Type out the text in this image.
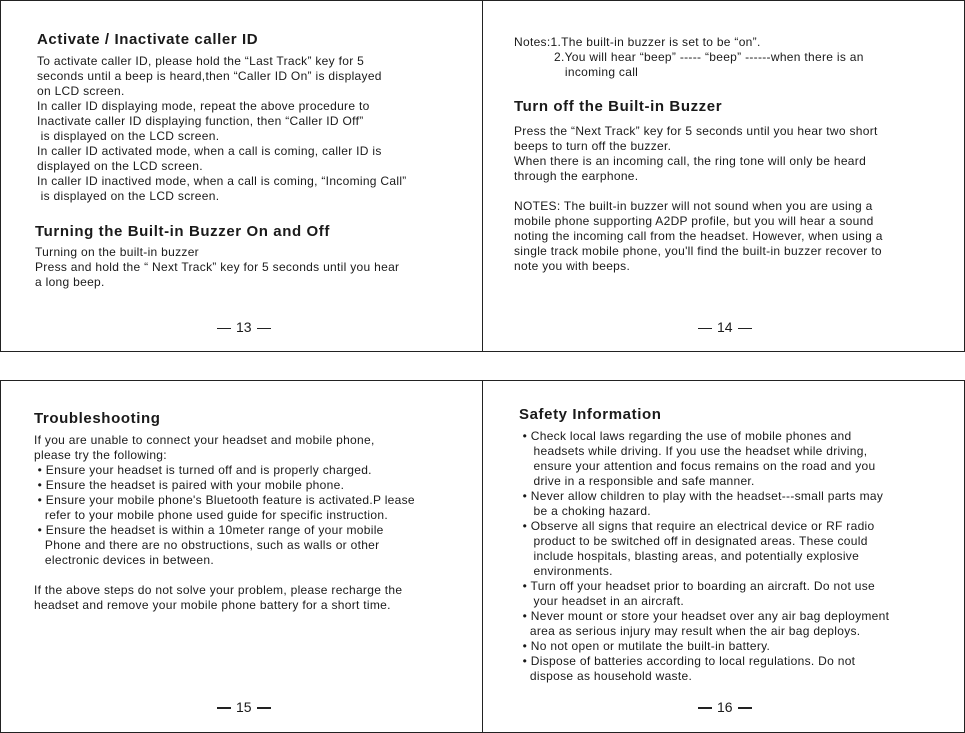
Activate / Inactivate caller ID
To activate caller ID, please hold the “Last Track” key for 5
seconds until a beep is heard,then “Caller ID On” is displayed
on LCD screen.
In caller ID displaying mode, repeat the above procedure to
Inactivate caller ID displaying function, then “Caller ID Off”
is displayed on the LCD screen.
In caller ID activated mode, when a call is coming, caller ID is
displayed on the LCD screen.
In caller ID inactived mode, when a call is coming, “Incoming Call”
is displayed on the LCD screen.
Turning the Built-in Buzzer On and Off
Turning on the built-in buzzer
Press and hold the “ Next Track” key for 5 seconds until you hear
a long beep.
13
Notes:1.The built-in buzzer is set to be “on”.
2.You will hear “beep” ----- “beep” ------when there is an
incoming call
Turn off the Built-in Buzzer
Press the “Next Track” key for 5 seconds until you hear two short
beeps to turn off the buzzer.
When there is an incoming call, the ring tone will only be heard
through the earphone.

NOTES: The built-in buzzer will not sound when you are using a
mobile phone supporting A2DP profile, but you will hear a sound
noting the incoming call from the headset. However, when using a
single track mobile phone, you'll find the built-in buzzer recover to
note you with beeps.
14
Troubleshooting
If you are unable to connect your headset and mobile phone,
please try the following:
• Ensure your headset is turned off and is properly charged.
• Ensure the headset is paired with your mobile phone.
• Ensure your mobile phone's Bluetooth feature is activated.P lease
refer to your mobile phone used guide for specific instruction.
• Ensure the headset is within a 10meter range of your mobile
Phone and there are no obstructions, such as walls or other
electronic devices in between.

If the above steps do not solve your problem, please recharge the
headset and remove your mobile phone battery for a short time.
15
Safety Information
• Check local laws regarding the use of mobile phones and
headsets while driving. If you use the headset while driving,
ensure your attention and focus remains on the road and you
drive in a responsible and safe manner.
• Never allow children to play with the headset---small parts may
be a choking hazard.
• Observe all signs that require an electrical device or RF radio
product to be switched off in designated areas. These could
include hospitals, blasting areas, and potentially explosive
environments.
• Turn off your headset prior to boarding an aircraft. Do not use
your headset in an aircraft.
• Never mount or store your headset over any air bag deployment
area as serious injury may result when the air bag deploys.
• No not open or mutilate the built-in battery.
• Dispose of batteries according to local regulations. Do not
dispose as household waste.
16
